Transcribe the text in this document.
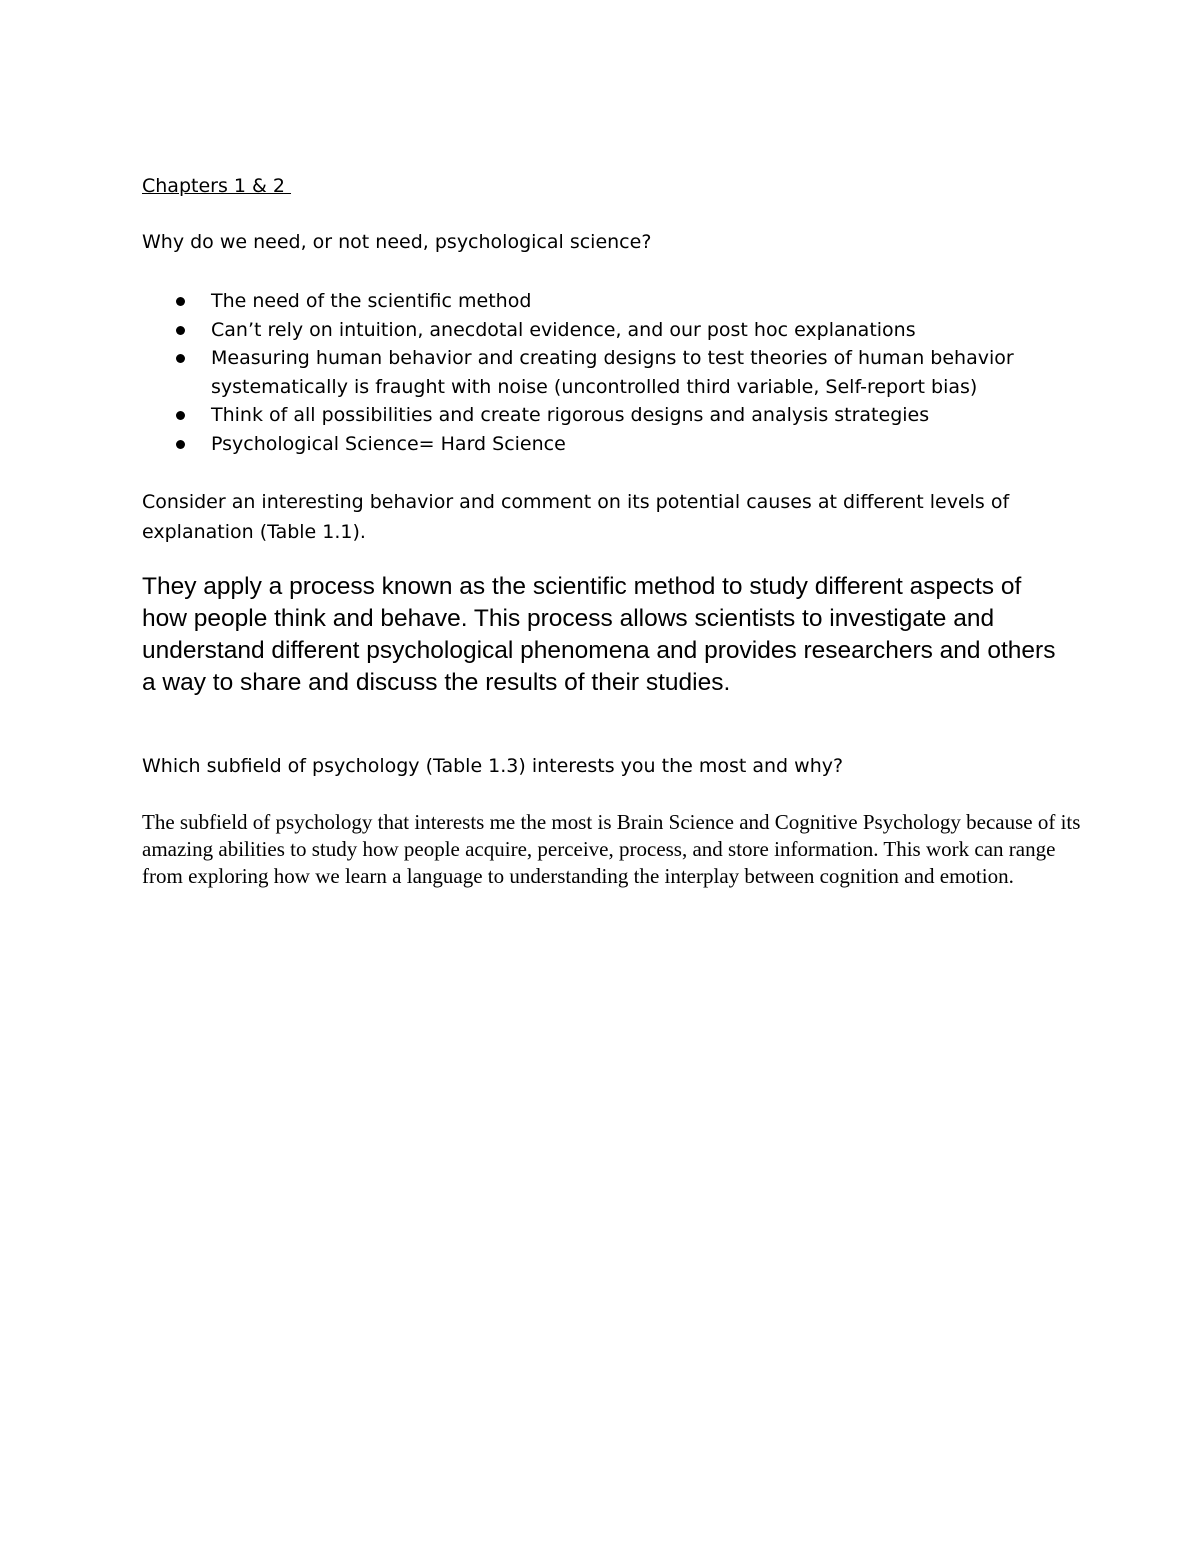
Chapters 1 & 2
Why do we need, or not need, psychological science?
The need of the scientific method
Can’t rely on intuition, anecdotal evidence, and our post hoc explanations
Measuring human behavior and creating designs to test theories of human behavior systematically is fraught with noise (uncontrolled third variable, Self-report bias)
Think of all possibilities and create rigorous designs and analysis strategies
Psychological Science= Hard Science
Consider an interesting behavior and comment on its potential causes at different levels of explanation (Table 1.1).
They apply a process known as the scientific method to study different aspects of how people think and behave. This process allows scientists to investigate and understand different psychological phenomena and provides researchers and others a way to share and discuss the results of their studies.
Which subfield of psychology (Table 1.3) interests you the most and why?
The subfield of psychology that interests me the most is Brain Science and Cognitive Psychology because of its amazing abilities to study how people acquire, perceive, process, and store information. This work can range from exploring how we learn a language to understanding the interplay between cognition and emotion.
